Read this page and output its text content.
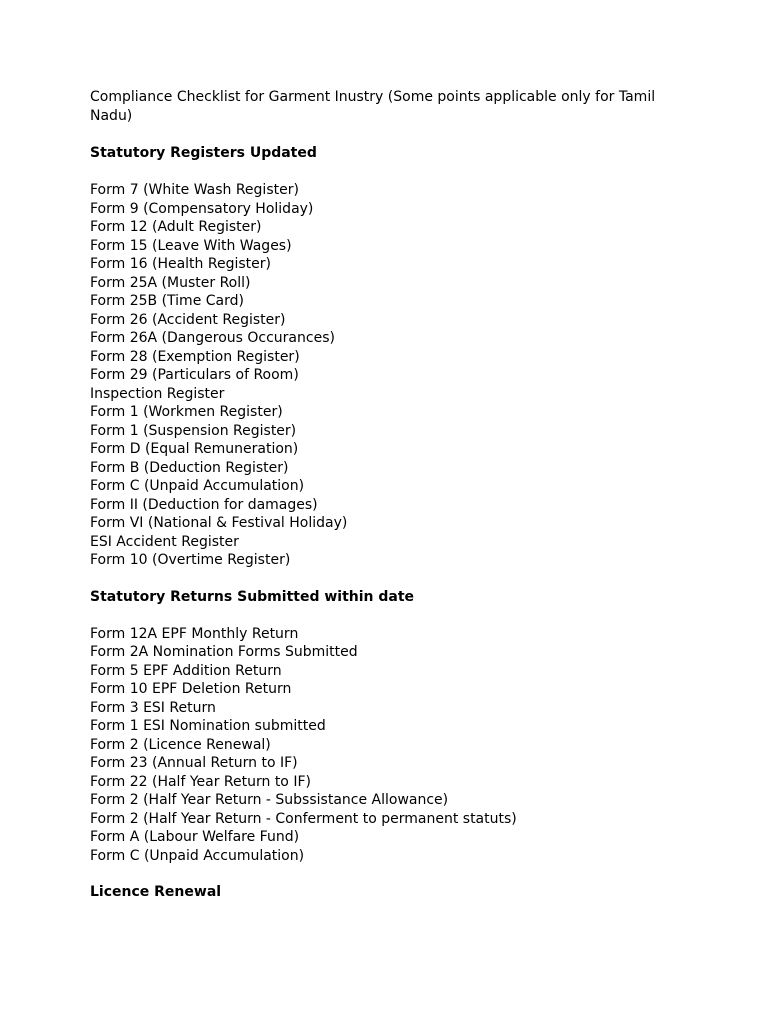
Compliance Checklist for Garment Inustry (Some points applicable only for Tamil Nadu)

Statutory Registers Updated

Form 7 (White Wash Register)
Form 9 (Compensatory Holiday)
Form 12 (Adult Register)
Form 15 (Leave With Wages)
Form 16 (Health Register)
Form 25A (Muster Roll)
Form 25B (Time Card)
Form 26 (Accident Register)
Form 26A (Dangerous Occurances)
Form 28 (Exemption Register)
Form 29 (Particulars of Room)
Inspection Register
Form 1 (Workmen Register)
Form 1 (Suspension Register)
Form D (Equal Remuneration)
Form B (Deduction Register)
Form C (Unpaid Accumulation)
Form II (Deduction for damages)
Form VI (National & Festival Holiday)
ESI Accident Register
Form 10 (Overtime Register)

Statutory Returns Submitted within date

Form 12A EPF Monthly Return
Form 2A Nomination Forms Submitted
Form 5 EPF Addition Return
Form 10 EPF Deletion Return
Form 3 ESI Return
Form 1 ESI Nomination submitted
Form 2 (Licence Renewal)
Form 23 (Annual Return to IF)
Form 22 (Half Year Return to IF)
Form 2 (Half Year Return - Subssistance Allowance)
Form 2 (Half Year Return - Conferment to permanent statuts)
Form A (Labour Welfare Fund)
Form C (Unpaid Accumulation)

Licence Renewal
